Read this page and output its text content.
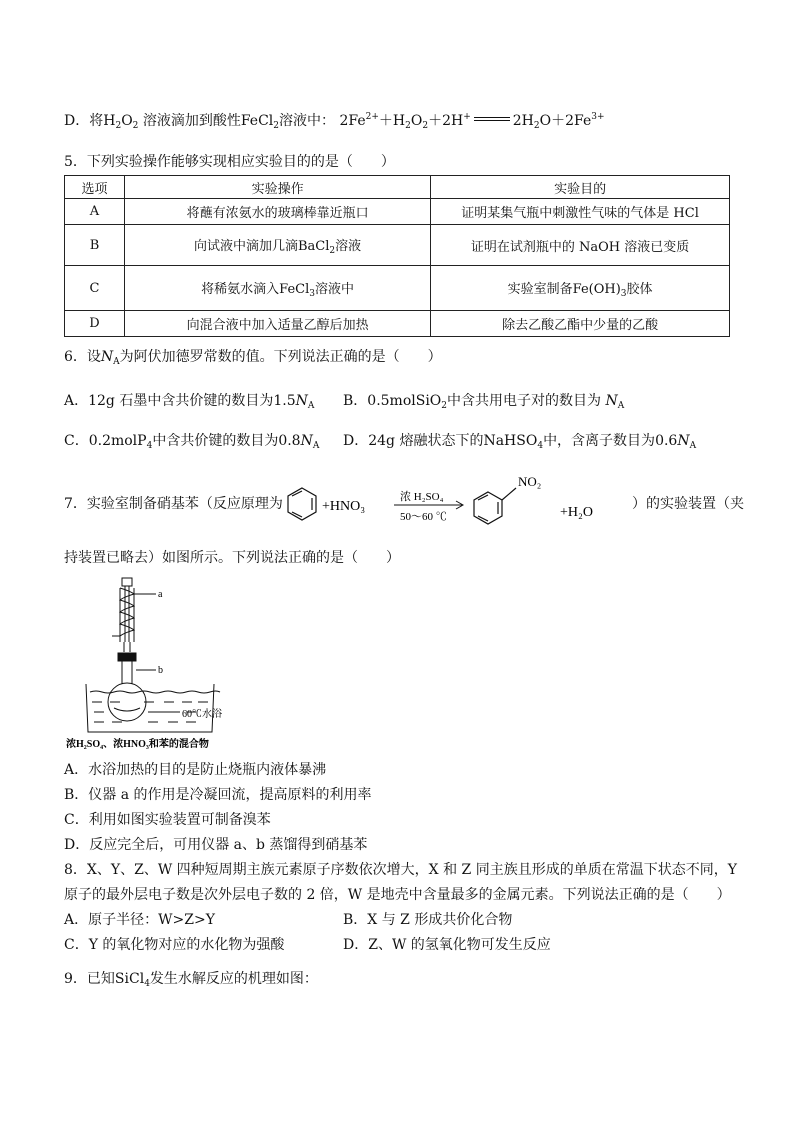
D．将$H_2O_2$ 溶液滴加到酸性FeCl$_2$溶液中： $2Fe^{2+}+H_2O_2+2H^+$	$2H_2O+2Fe^{3+}$
5．下列实验操作能够实现相应实验目的的是（　　）
选项	实验操作	实验目的
A	将蘸有浓氨水的玻璃棒靠近瓶口	证明某集气瓶中刺激性气味的气体是 HCl
B	向试液中滴加几滴BaCl$_2$溶液	证明在试剂瓶中的 NaOH 溶液已变质
C	将稀氨水滴入FeCl$_3$溶液中	实验室制备$Fe(OH)_3$胶体
D	向混合液中加入适量乙醇后加热	除去乙酸乙酯中少量的乙酸
6．设$N_A$为阿伏加德罗常数的值。下列说法正确的是（　　）
A．12g 石墨中含共价键的数目为$1.5N_A$ B．0.5molSiO$_2$中含共用电子对的数目为 $N_A$
C．0.2molP$_4$中含共价键的数目为$0.8N_A$ D．24g 熔融状态下的NaHSO$_4$中，含离子数目为$0.6N_A$
7．实验室制备硝基苯（反应原理为	+HNO₃
浓 H₂SO₄
50～60 ℃
NO₂
+H₂O
）的实验装置（夹
持装置已略去）如图所示。下列说法正确的是（　　）
a
b
60℃水浴
浓H₂SO₄、浓HNO₃和苯的混合物
A．水浴加热的目的是防止烧瓶内液体暴沸
B．仪器 a 的作用是冷凝回流，提高原料的利用率
C．利用如图实验装置可制备溴苯
D．反应完全后，可用仪器 a、b 蒸馏得到硝基苯
8．X、Y、Z、W 四种短周期主族元素原子序数依次增大，X 和 Z 同主族且形成的单质在常温下状态不同，Y
原子的最外层电子数是次外层电子数的 2 倍，W 是地壳中含量最多的金属元素。下列说法正确的是（　　）
A．原子半径：W>Z>Y	B．X 与 Z 形成共价化合物
C．Y 的氧化物对应的水化物为强酸	D．Z、W 的氢氧化物可发生反应
9．已知SiCl$_4$发生水解反应的机理如图：
